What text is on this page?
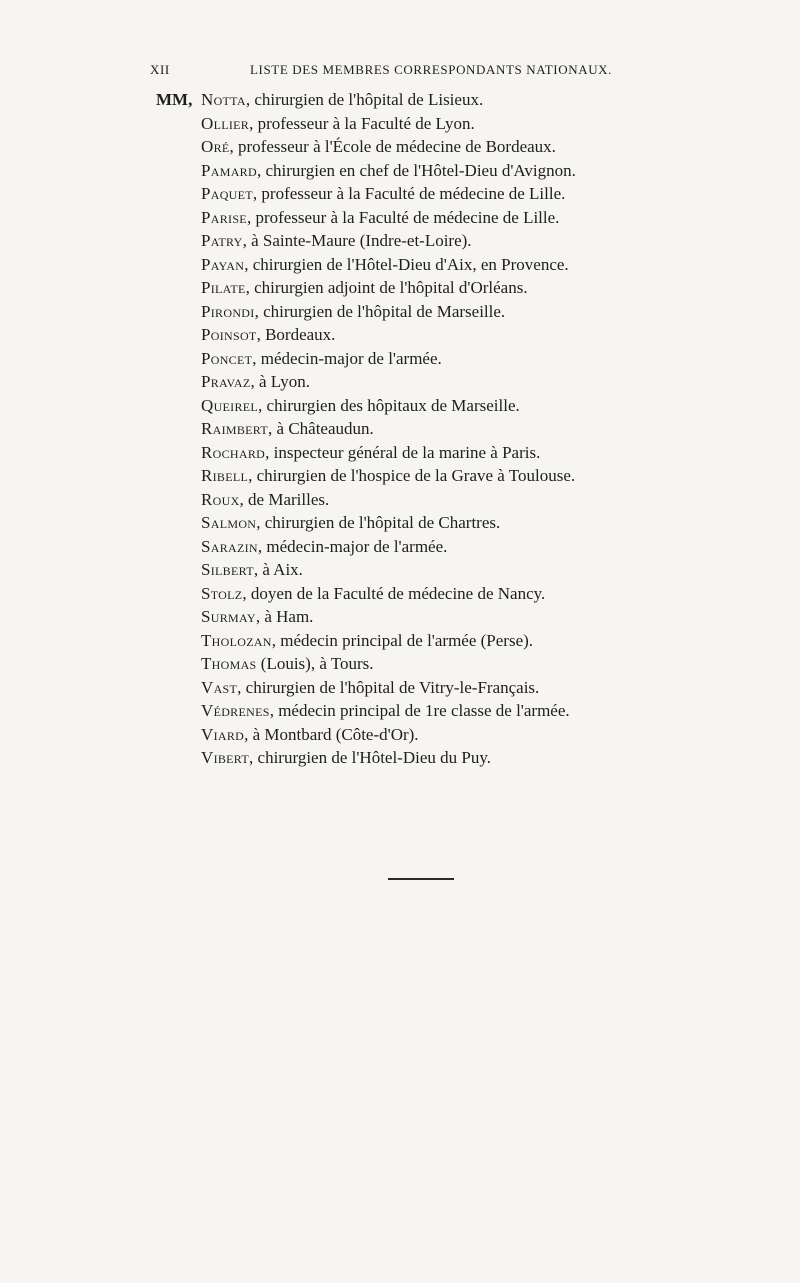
XII	LISTE DES MEMBRES CORRESPONDANTS NATIONAUX.
MM, Notta, chirurgien de l'hôpital de Lisieux.
Ollier, professeur à la Faculté de Lyon.
Oré, professeur à l'École de médecine de Bordeaux.
Pamard, chirurgien en chef de l'Hôtel-Dieu d'Avignon.
Paquet, professeur à la Faculté de médecine de Lille.
Parise, professeur à la Faculté de médecine de Lille.
Patry, à Sainte-Maure (Indre-et-Loire).
Payan, chirurgien de l'Hôtel-Dieu d'Aix, en Provence.
Pilate, chirurgien adjoint de l'hôpital d'Orléans.
Pirondi, chirurgien de l'hôpital de Marseille.
Poinsot, Bordeaux.
Poncet, médecin-major de l'armée.
Pravaz, à Lyon.
Queirel, chirurgien des hôpitaux de Marseille.
Raimbert, à Châteaudun.
Rochard, inspecteur général de la marine à Paris.
Ribell, chirurgien de l'hospice de la Grave à Toulouse.
Roux, de Marilles.
Salmon, chirurgien de l'hôpital de Chartres.
Sarazin, médecin-major de l'armée.
Silbert, à Aix.
Stolz, doyen de la Faculté de médecine de Nancy.
Surmay, à Ham.
Tholozan, médecin principal de l'armée (Perse).
Thomas (Louis), à Tours.
Vast, chirurgien de l'hôpital de Vitry-le-Français.
Védrenes, médecin principal de 1re classe de l'armée.
Viard, à Montbard (Côte-d'Or).
Vibert, chirurgien de l'Hôtel-Dieu du Puy.
